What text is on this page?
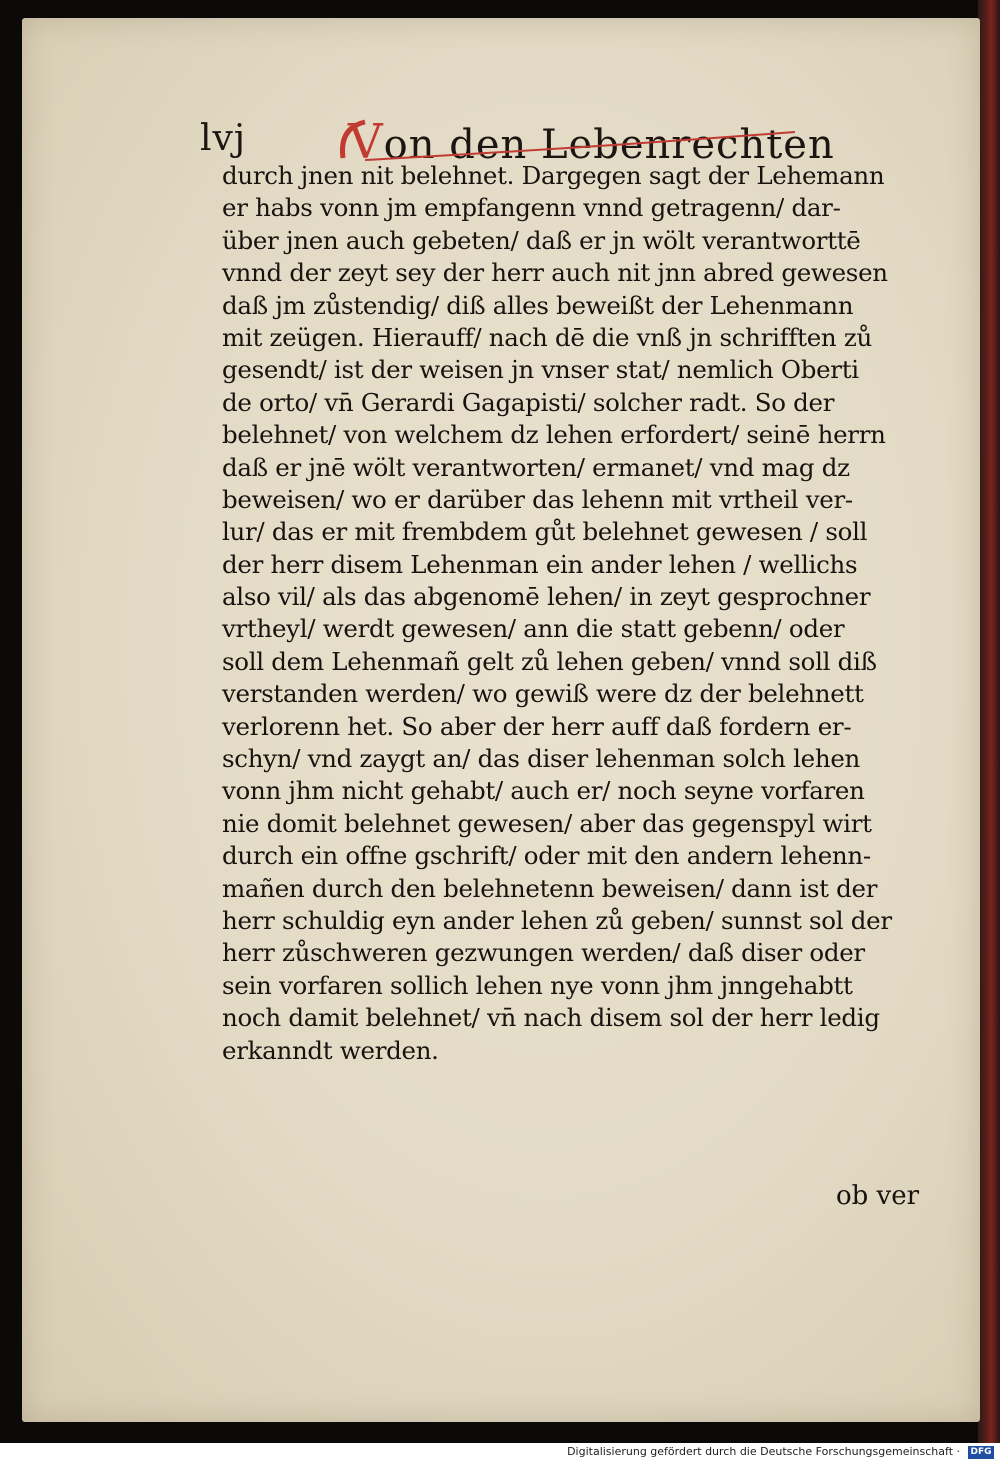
lvj Von den Lebenrechten
durch jnen nit belehnet. Dargegen sagt der Lehemann
er habs vonn jm empfangenn vnnd getragenn/ dar-
über jnen auch gebeten/ daß er jn wölt verantworttē
vnnd der zeyt sey der herr auch nit jnn abred gewesen
daß jm zůstendig/ diß alles beweißt der Lehenmann
mit zeügen. Hierauff/ nach dē die vnß jn schrifften zů
gesendt/ ist der weisen jn vnser stat/ nemlich Oberti
de orto/ vn̄ Gerardi Gagapisti/ solcher radt. So der
belehnet/ von welchem dz lehen erfordert/ seinē herrn
daß er jnē wölt verantworten/ ermanet/ vnd mag dz
beweisen/ wo er darüber das lehenn mit vrtheil ver-
lur/ das er mit frembdem gůt belehnet gewesen / soll
der herr disem Lehenman ein ander lehen / wellichs
also vil/ als das abgenomē lehen/ in zeyt gesprochner
vrtheyl/ werdt gewesen/ ann die statt gebenn/ oder
soll dem Lehenmañ gelt zů lehen geben/ vnnd soll diß
verstanden werden/ wo gewiß were dz der belehnett
verlorenn het. So aber der herr auff daß fordern er-
schyn/ vnd zaygt an/ das diser lehenman solch lehen
vonn jhm nicht gehabt/ auch er/ noch seyne vorfaren
nie domit belehnet gewesen/ aber das gegenspyl wirt
durch ein offne gschrift/ oder mit den andern lehenn-
mañen durch den belehnetenn beweisen/ dann ist der
herr schuldig eyn ander lehen zů geben/ sunnst sol der
herr zůschweren gezwungen werden/ daß diser oder
sein vorfaren sollich lehen nye vonn jhm jnngehabtt
noch damit belehnet/ vn̄ nach disem sol der herr ledig
erkanndt werden.
ob ver
Digitalisierung gefördert durch die Deutsche Forschungsgemeinschaft · DFG
